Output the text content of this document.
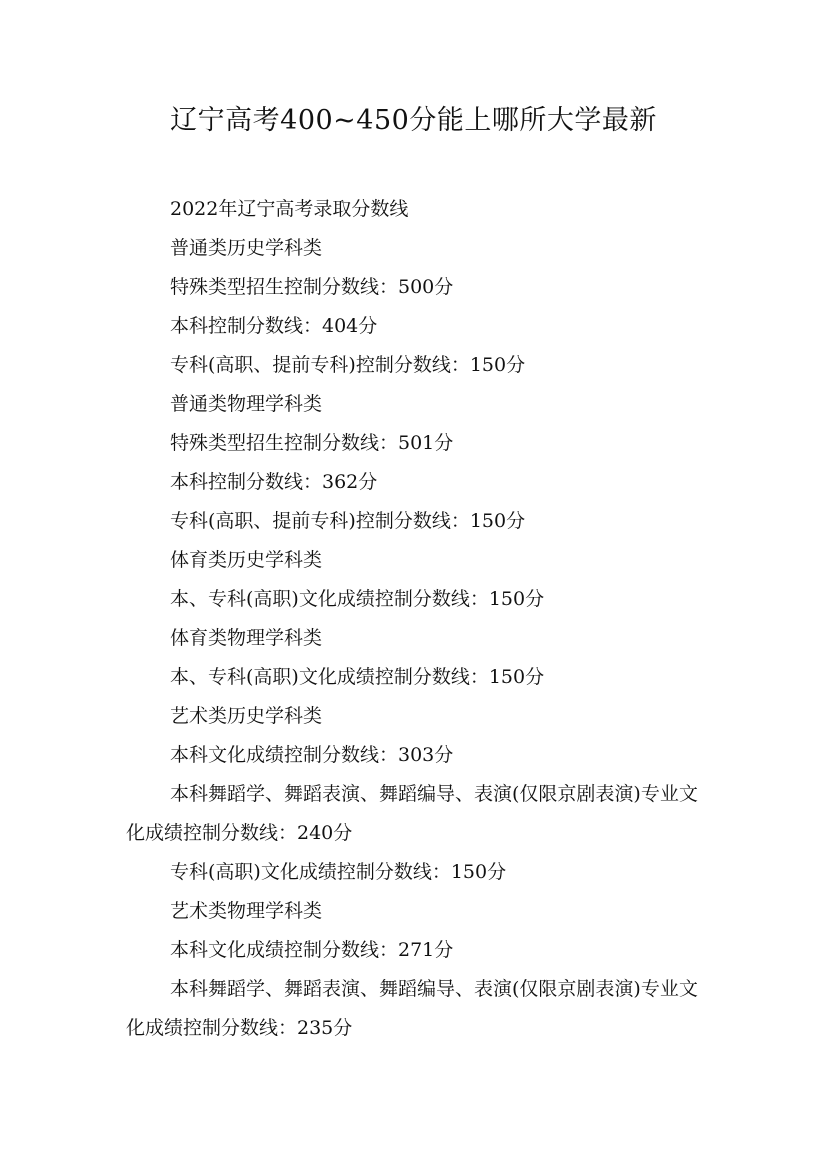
辽宁高考400~450分能上哪所大学最新

2022年辽宁高考录取分数线

普通类历史学科类

特殊类型招生控制分数线：500分

本科控制分数线：404分

专科(高职、提前专科)控制分数线：150分

普通类物理学科类

特殊类型招生控制分数线：501分

本科控制分数线：362分

专科(高职、提前专科)控制分数线：150分

体育类历史学科类

本、专科(高职)文化成绩控制分数线：150分

体育类物理学科类

本、专科(高职)文化成绩控制分数线：150分

艺术类历史学科类

本科文化成绩控制分数线：303分

本科舞蹈学、舞蹈表演、舞蹈编导、表演(仅限京剧表演)专业文化成绩控制分数线：240分

专科(高职)文化成绩控制分数线：150分

艺术类物理学科类

本科文化成绩控制分数线：271分

本科舞蹈学、舞蹈表演、舞蹈编导、表演(仅限京剧表演)专业文化成绩控制分数线：235分
